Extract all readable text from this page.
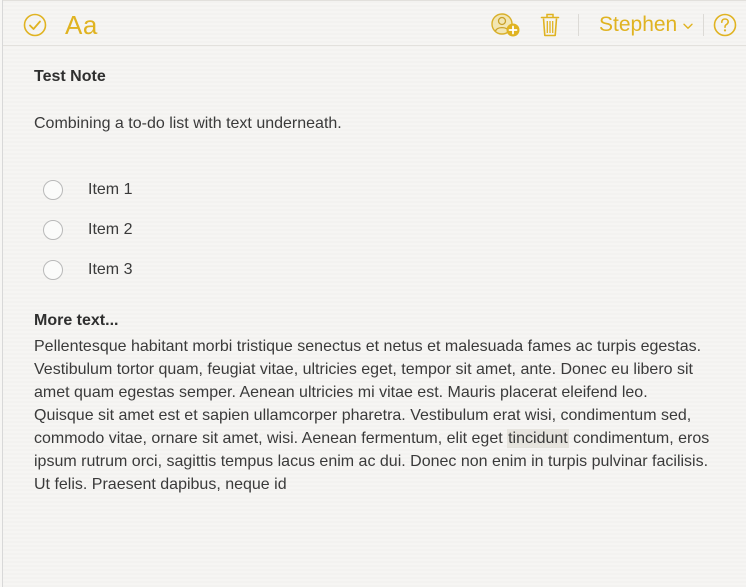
Aa	Stephen
Test Note
Combining a to-do list with text underneath.
Item 1
Item 2
Item 3
More text...
Pellentesque habitant morbi tristique senectus et netus et malesuada fames ac turpis egestas. Vestibulum tortor quam, feugiat vitae, ultricies eget, tempor sit amet, ante. Donec eu libero sit amet quam egestas semper. Aenean ultricies mi vitae est. Mauris placerat eleifend leo. Quisque sit amet est et sapien ullamcorper pharetra. Vestibulum erat wisi, condimentum sed, commodo vitae, ornare sit amet, wisi. Aenean fermentum, elit eget tincidunt condimentum, eros ipsum rutrum orci, sagittis tempus lacus enim ac dui. Donec non enim in turpis pulvinar facilisis. Ut felis. Praesent dapibus, neque id
